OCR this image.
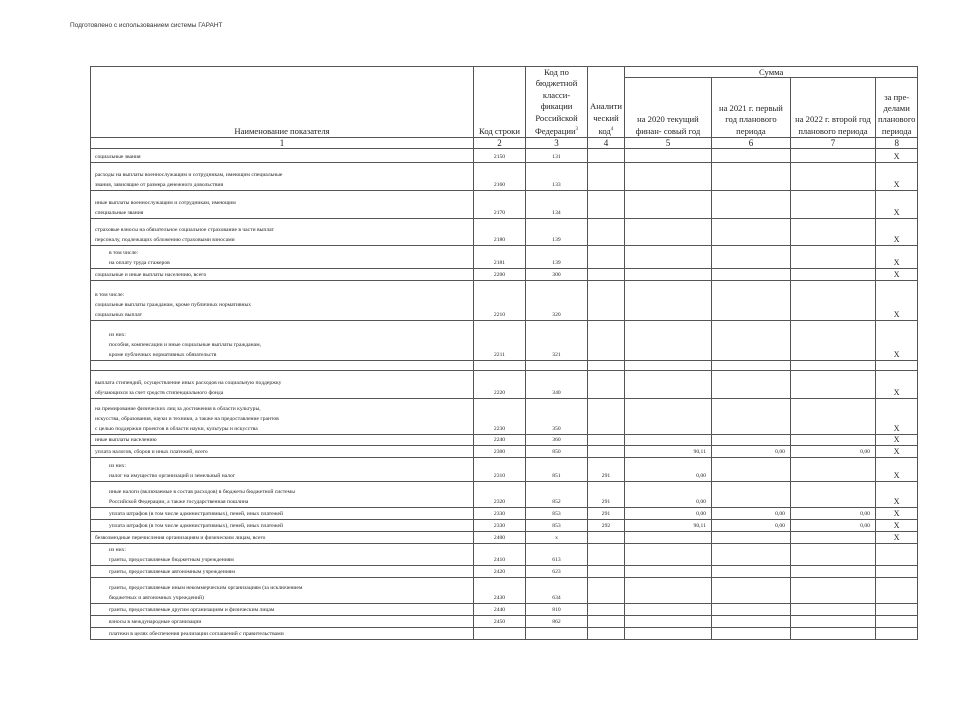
Подготовлено с использованием системы ГАРАНТ
Наименование показателя	Код строки	Код по бюджетной класси- фикации Российской Федерации$^3$	Аналити ческий код$^4$	Сумма			
				на 2020 текущий финан- совый год	на 2021 г. первый год планового периода	на 2022 г. второй год планового периода	за пре- делами планового периода
1	2	3	4	5	6	7	8

социальные звания	2150	131					X

расходы на выплаты военнослужащим и сотрудникам, имеющим специальные
звания, зависящие от размера денежного довольствия	2160	133					X

иные выплаты военнослужащим и сотрудникам, имеющим
специальные звания	2170	134					X

страховые взносы на обязательное социальное страхование в части выплат
персоналу, подлежащих обложению страховыми взносами	2180	139					X

в том числе:
на оплату труда стажеров	2181	139					X

социальные и иные выплаты населению, всего	2200	300					X

в том числе:
социальные выплаты гражданам, кроме публичных нормативных
социальных выплат	2210	320					X

из них:
пособия, компенсации и иные социальные выплаты гражданам,
кроме публичных нормативных обязательств	2211	321					X

выплата стипендий, осуществление иных расходов на социальную поддержку
обучающихся за счет средств стипендиального фонда	2220	340					X

на премирование физических лиц за достижения в области культуры,
искусства, образования, науки и техники, а также на предоставление грантов
с целью поддержки проектов в области науки, культуры и искусства	2230	350					X

иные выплаты населению	2240	360					X

уплата налогов, сборов и иных платежей, всего	2300	850		90,11	0,00	0,00	X

из них:
налог на имущество организаций и земельный налог	2310	851	291	0,00			X

иные налоги (включаемые в состав расходов) в бюджеты бюджетной системы
Российской Федерации, а также государственная пошлина	2320	852	291	0,00			X

уплата штрафов (в том числе административных), пеней, иных платежей	2330	853	291	0,00	0,00	0,00	X

уплата штрафов (в том числе административных), пеней, иных платежей	2330	853	292	90,11	0,00	0,00	X

безвозмездные перечисления организациям и физическим лицам, всего	2400	x					X

из них:
гранты, предоставляемые бюджетным учреждениям	2410	613					

гранты, предоставляемые автономным учреждениям	2420	623					

гранты, предоставляемые иным некоммерческим организациям (за исключением
бюджетных и автономных учреждений)	2430	634					

гранты, предоставляемые другим организациям и физическим лицам	2440	810					

взносы в международные организации	2450	862					

платежи в целях обеспечения реализации соглашений с правительствами							
